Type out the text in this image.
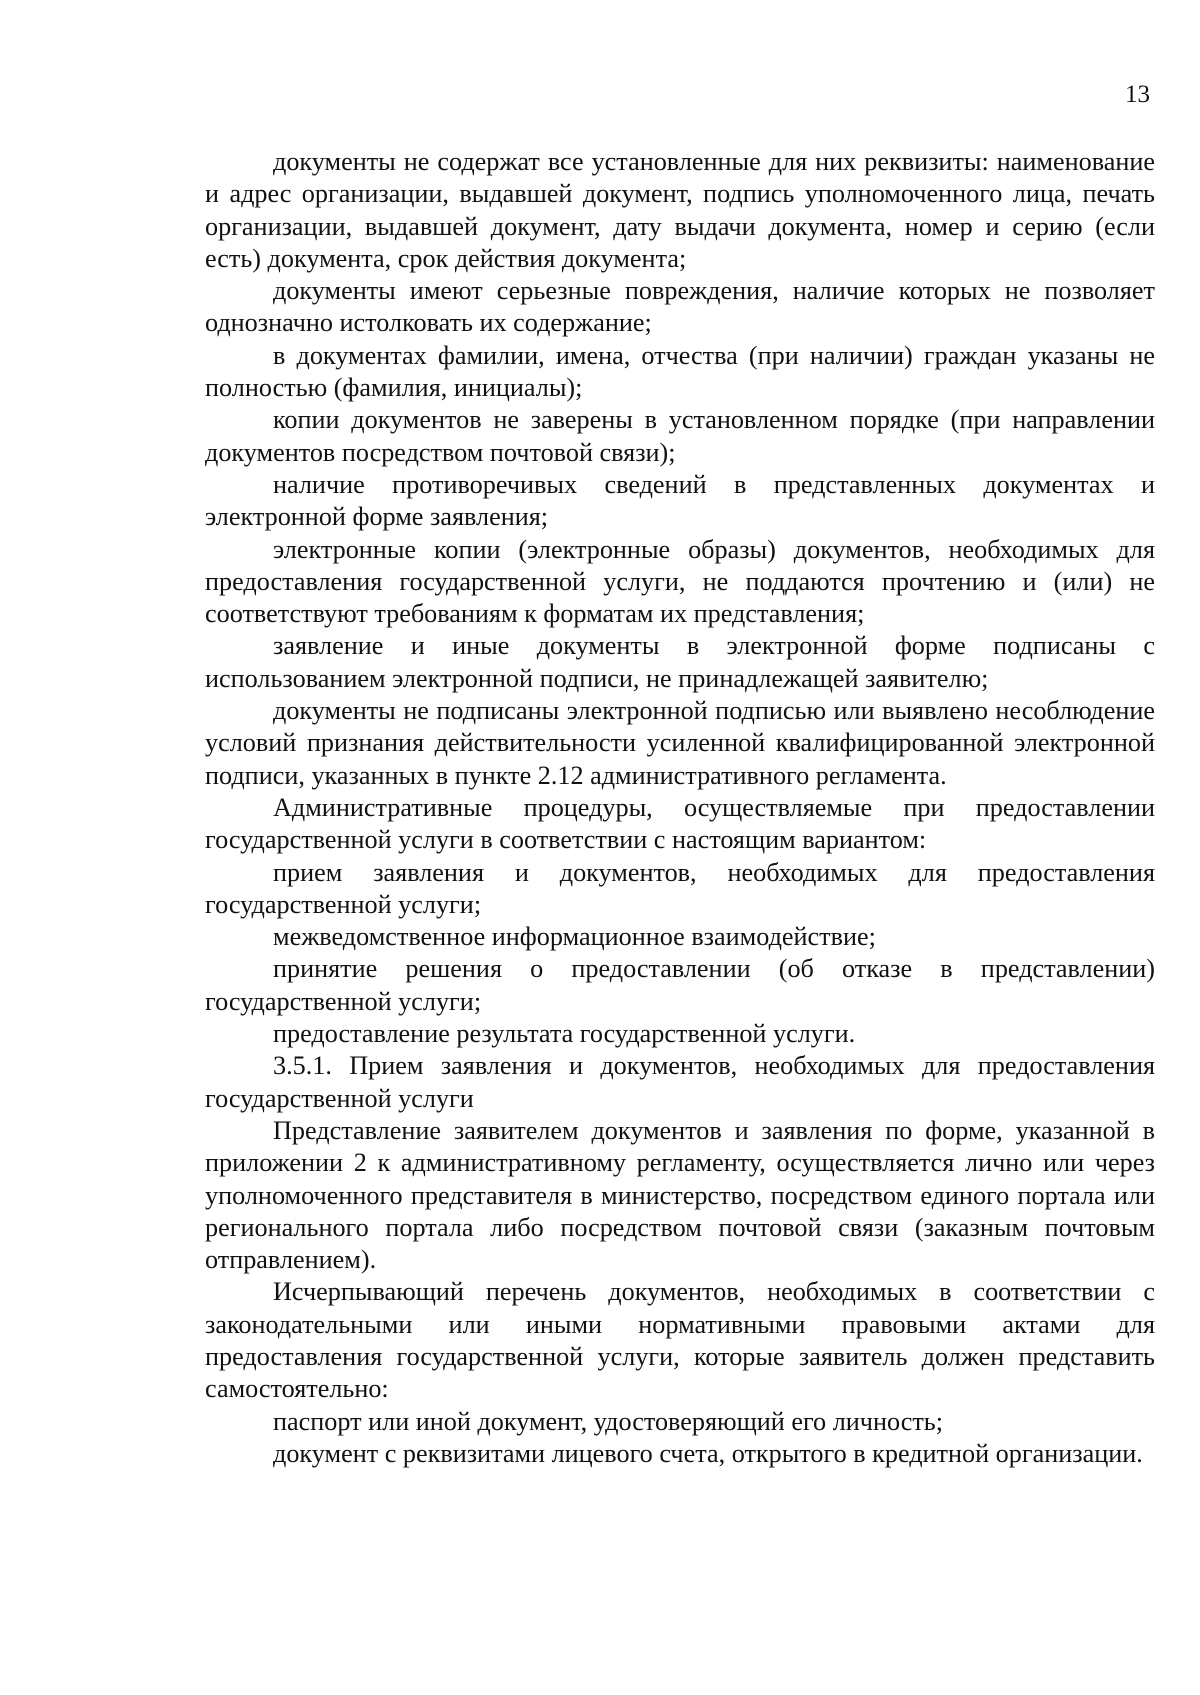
13

документы не содержат все установленные для них реквизиты: наименование и адрес организации, выдавшей документ, подпись уполномоченного лица, печать организации, выдавшей документ, дату выдачи документа, номер и серию (если есть) документа, срок действия документа;

документы имеют серьезные повреждения, наличие которых не позволяет однозначно истолковать их содержание;

в документах фамилии, имена, отчества (при наличии) граждан указаны не полностью (фамилия, инициалы);

копии документов не заверены в установленном порядке (при направлении документов посредством почтовой связи);

наличие противоречивых сведений в представленных документах и электронной форме заявления;

электронные копии (электронные образы) документов, необходимых для предоставления государственной услуги, не поддаются прочтению и (или) не соответствуют требованиям к форматам их представления;

заявление и иные документы в электронной форме подписаны с использованием электронной подписи, не принадлежащей заявителю;

документы не подписаны электронной подписью или выявлено несоблюдение условий признания действительности усиленной квалифицированной электронной подписи, указанных в пункте 2.12 административного регламента.

Административные процедуры, осуществляемые при предоставлении государственной услуги в соответствии с настоящим вариантом:

прием заявления и документов, необходимых для предоставления государственной услуги;

межведомственное информационное взаимодействие;

принятие решения о предоставлении (об отказе в представлении) государственной услуги;

предоставление результата государственной услуги.

3.5.1. Прием заявления и документов, необходимых для предоставления государственной услуги

Представление заявителем документов и заявления по форме, указанной в приложении 2 к административному регламенту, осуществляется лично или через уполномоченного представителя в министерство, посредством единого портала или регионального портала либо посредством почтовой связи (заказным почтовым отправлением).

Исчерпывающий перечень документов, необходимых в соответствии с законодательными или иными нормативными правовыми актами для предоставления государственной услуги, которые заявитель должен представить самостоятельно:

паспорт или иной документ, удостоверяющий его личность;

документ с реквизитами лицевого счета, открытого в кредитной организации.
